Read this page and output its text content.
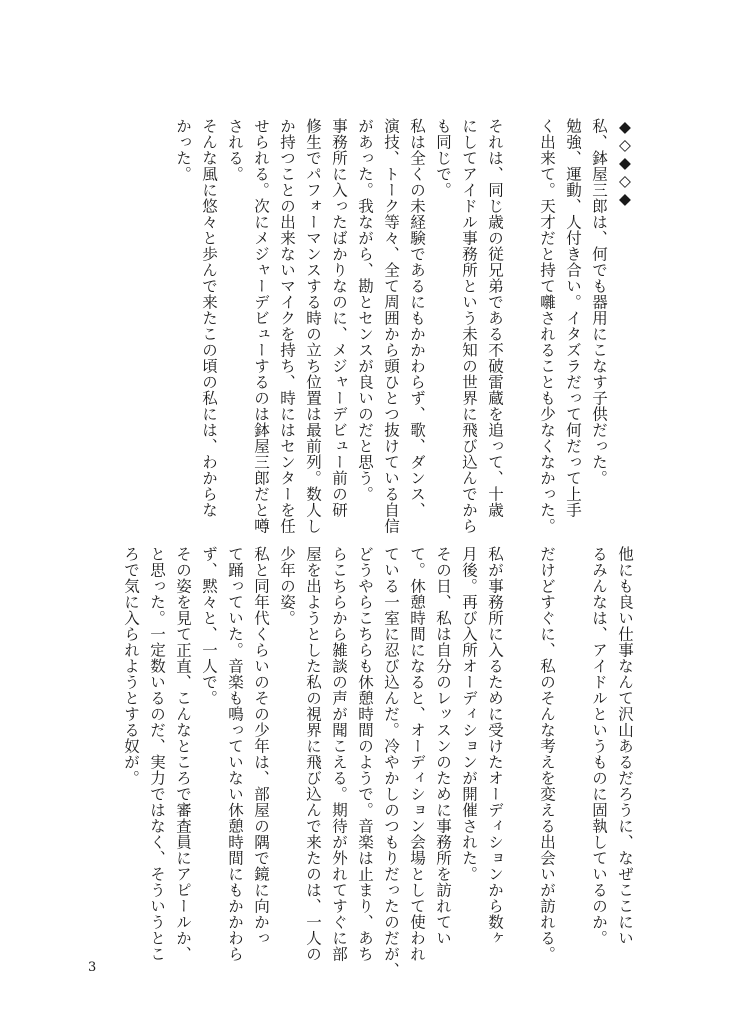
◆◇◆◇◆

私、鉢屋三郎は、何でも器用にこなす子供だった。

勉強、運動、人付き合い。イタズラだって何だって上手

く出来て。天才だと持て囃されることも少なくなかった。

それは、同じ歳の従兄弟である不破雷蔵を追って、十歳

にしてアイドル事務所という未知の世界に飛び込んでから

も同じで。

私は全くの未経験であるにもかかわらず、歌、ダンス、

演技、トーク等々、全て周囲から頭ひとつ抜けている自信

があった。我ながら、勘とセンスが良いのだと思う。

事務所に入ったばかりなのに、メジャーデビュー前の研

修生でパフォーマンスする時の立ち位置は最前列。数人し

か持つことの出来ないマイクを持ち、時にはセンターを任

せられる。次にメジャーデビューするのは鉢屋三郎だと噂

される。

そんな風に悠々と歩んで来たこの頃の私には、わからな

かった。

他にも良い仕事なんて沢山あるだろうに、なぜここにい

るみんなは、アイドルというものに固執しているのか。

だけどすぐに、私のそんな考えを変える出会いが訪れる。

私が事務所に入るために受けたオーディションから数ヶ

月後。再び入所オーディションが開催された。

その日、私は自分のレッスンのために事務所を訪れてい

て。休憩時間になると、オーディション会場として使われ

ている一室に忍び込んだ。冷やかしのつもりだったのだが、

どうやらこちらも休憩時間のようで。音楽は止まり、あち

らこちらから雑談の声が聞こえる。期待が外れてすぐに部

屋を出ようとした私の視界に飛び込んで来たのは、一人の

少年の姿。

私と同年代くらいのその少年は、部屋の隅で鏡に向かっ

て踊っていた。音楽も鳴っていない休憩時間にもかかわら

ず、黙々と、一人で。

その姿を見て正直、こんなところで審査員にアピールか、

と思った。一定数いるのだ、実力ではなく、そういうとこ

ろで気に入られようとする奴が。

3
